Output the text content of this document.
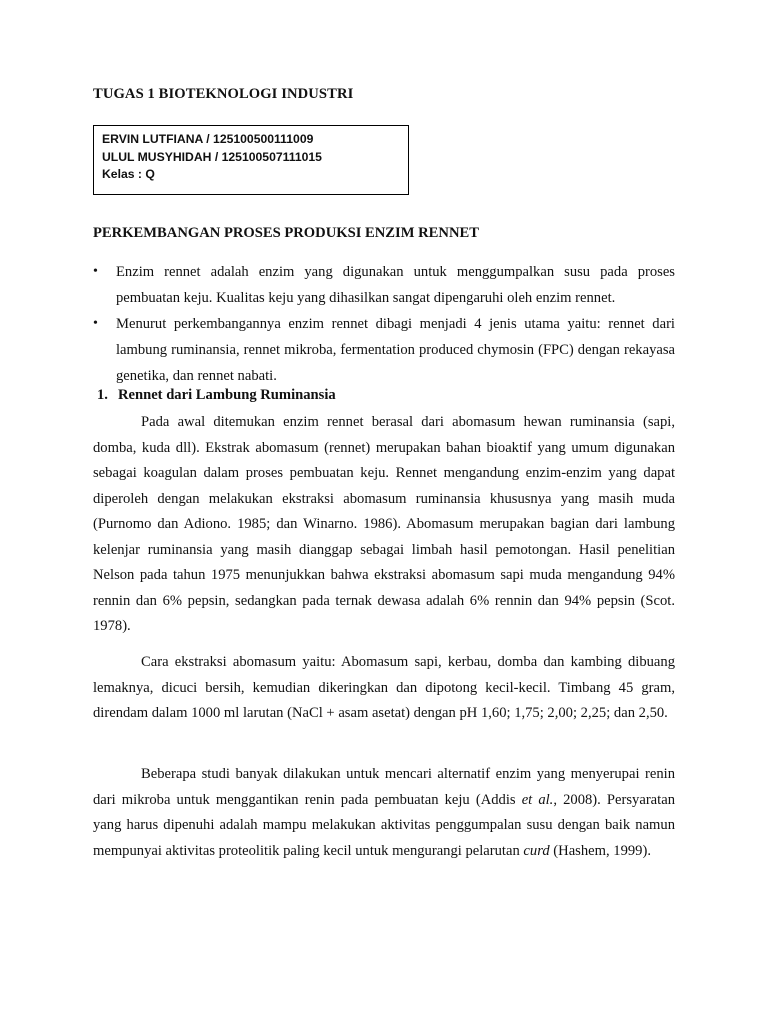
TUGAS 1 BIOTEKNOLOGI INDUSTRI
ERVIN LUTFIANA / 125100500111009
ULUL MUSYHIDAH / 125100507111015
Kelas : Q
PERKEMBANGAN PROSES PRODUKSI ENZIM RENNET
• Enzim rennet adalah enzim yang digunakan untuk menggumpalkan susu pada proses pembuatan keju. Kualitas keju yang dihasilkan sangat dipengaruhi oleh enzim rennet.
• Menurut perkembangannya enzim rennet dibagi menjadi 4 jenis utama yaitu: rennet dari lambung ruminansia, rennet mikroba, fermentation produced chymosin (FPC) dengan rekayasa genetika, dan rennet nabati.
1. Rennet dari Lambung Ruminansia
Pada awal ditemukan enzim rennet berasal dari abomasum hewan ruminansia (sapi, domba, kuda dll). Ekstrak abomasum (rennet) merupakan bahan bioaktif yang umum digunakan sebagai koagulan dalam proses pembuatan keju. Rennet mengandung enzim-enzim yang dapat diperoleh dengan melakukan ekstraksi abomasum ruminansia khususnya yang masih muda (Purnomo dan Adiono. 1985; dan Winarno. 1986). Abomasum merupakan bagian dari lambung kelenjar ruminansia yang masih dianggap sebagai limbah hasil pemotongan. Hasil penelitian Nelson pada tahun 1975 menunjukkan bahwa ekstraksi abomasum sapi muda mengandung 94% rennin dan 6% pepsin, sedangkan pada ternak dewasa adalah 6% rennin dan 94% pepsin (Scot. 1978).
Cara ekstraksi abomasum yaitu: Abomasum sapi, kerbau, domba dan kambing dibuang lemaknya, dicuci bersih, kemudian dikeringkan dan dipotong kecil-kecil. Timbang 45 gram, direndam dalam 1000 ml larutan (NaCl + asam asetat) dengan pH 1,60; 1,75; 2,00; 2,25; dan 2,50.
Beberapa studi banyak dilakukan untuk mencari alternatif enzim yang menyerupai renin dari mikroba untuk menggantikan renin pada pembuatan keju (Addis et al., 2008). Persyaratan yang harus dipenuhi adalah mampu melakukan aktivitas penggumpalan susu dengan baik namun mempunyai aktivitas proteolitik paling kecil untuk mengurangi pelarutan curd (Hashem, 1999).
